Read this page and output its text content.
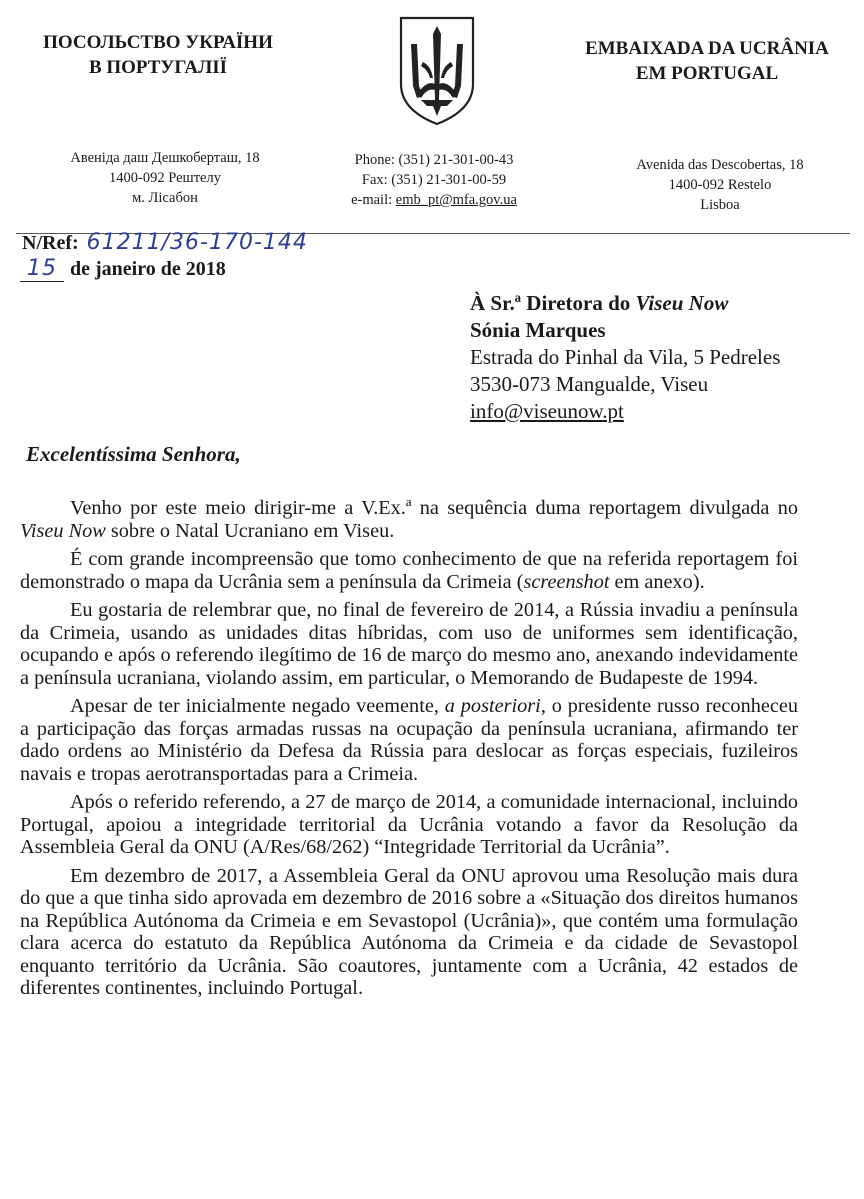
ПОСОЛЬСТВО УКРАЇНИ
В ПОРТУГАЛІЇ
EMBAIXADA DA UCRÂNIA
EM PORTUGAL
Авеніда даш Дешкоберташ, 18
1400-092 Рештелу
м. Лісабон
Phone: (351) 21-301-00-43
Fax: (351) 21-301-00-59
e-mail: emb_pt@mfa.gov.ua
Avenida das Descobertas, 18
1400-092 Restelo
Lisboa
N/Ref: 61211/36-170-144
15 de janeiro de 2018
À Sr.ª Diretora do Viseu Now
Sónia Marques
Estrada do Pinhal da Vila, 5 Pedreles
3530-073 Mangualde, Viseu
info@viseunow.pt
Excelentíssima Senhora,

Venho por este meio dirigir-me a V.Ex.ª na sequência duma reportagem divulgada no Viseu Now sobre o Natal Ucraniano em Viseu.

É com grande incompreensão que tomo conhecimento de que na referida reportagem foi demonstrado o mapa da Ucrânia sem a península da Crimeia (screenshot em anexo).

Eu gostaria de relembrar que, no final de fevereiro de 2014, a Rússia invadiu a península da Crimeia, usando as unidades ditas híbridas, com uso de uniformes sem identificação, ocupando e após o referendo ilegítimo de 16 de março do mesmo ano, anexando indevidamente a península ucraniana, violando assim, em particular, o Memorando de Budapeste de 1994.

Apesar de ter inicialmente negado veemente, a posteriori, o presidente russo reconheceu a participação das forças armadas russas na ocupação da península ucraniana, afirmando ter dado ordens ao Ministério da Defesa da Rússia para deslocar as forças especiais, fuzileiros navais e tropas aerotransportadas para a Crimeia.

Após o referido referendo, a 27 de março de 2014, a comunidade internacional, incluindo Portugal, apoiou a integridade territorial da Ucrânia votando a favor da Resolução da Assembleia Geral da ONU (A/Res/68/262) “Integridade Territorial da Ucrânia”.

Em dezembro de 2017, a Assembleia Geral da ONU aprovou uma Resolução mais dura do que a que tinha sido aprovada em dezembro de 2016 sobre a «Situação dos direitos humanos na República Autónoma da Crimeia e em Sevastopol (Ucrânia)», que contém uma formulação clara acerca do estatuto da República Autónoma da Crimeia e da cidade de Sevastopol enquanto território da Ucrânia. São coautores, juntamente com a Ucrânia, 42 estados de diferentes continentes, incluindo Portugal.
